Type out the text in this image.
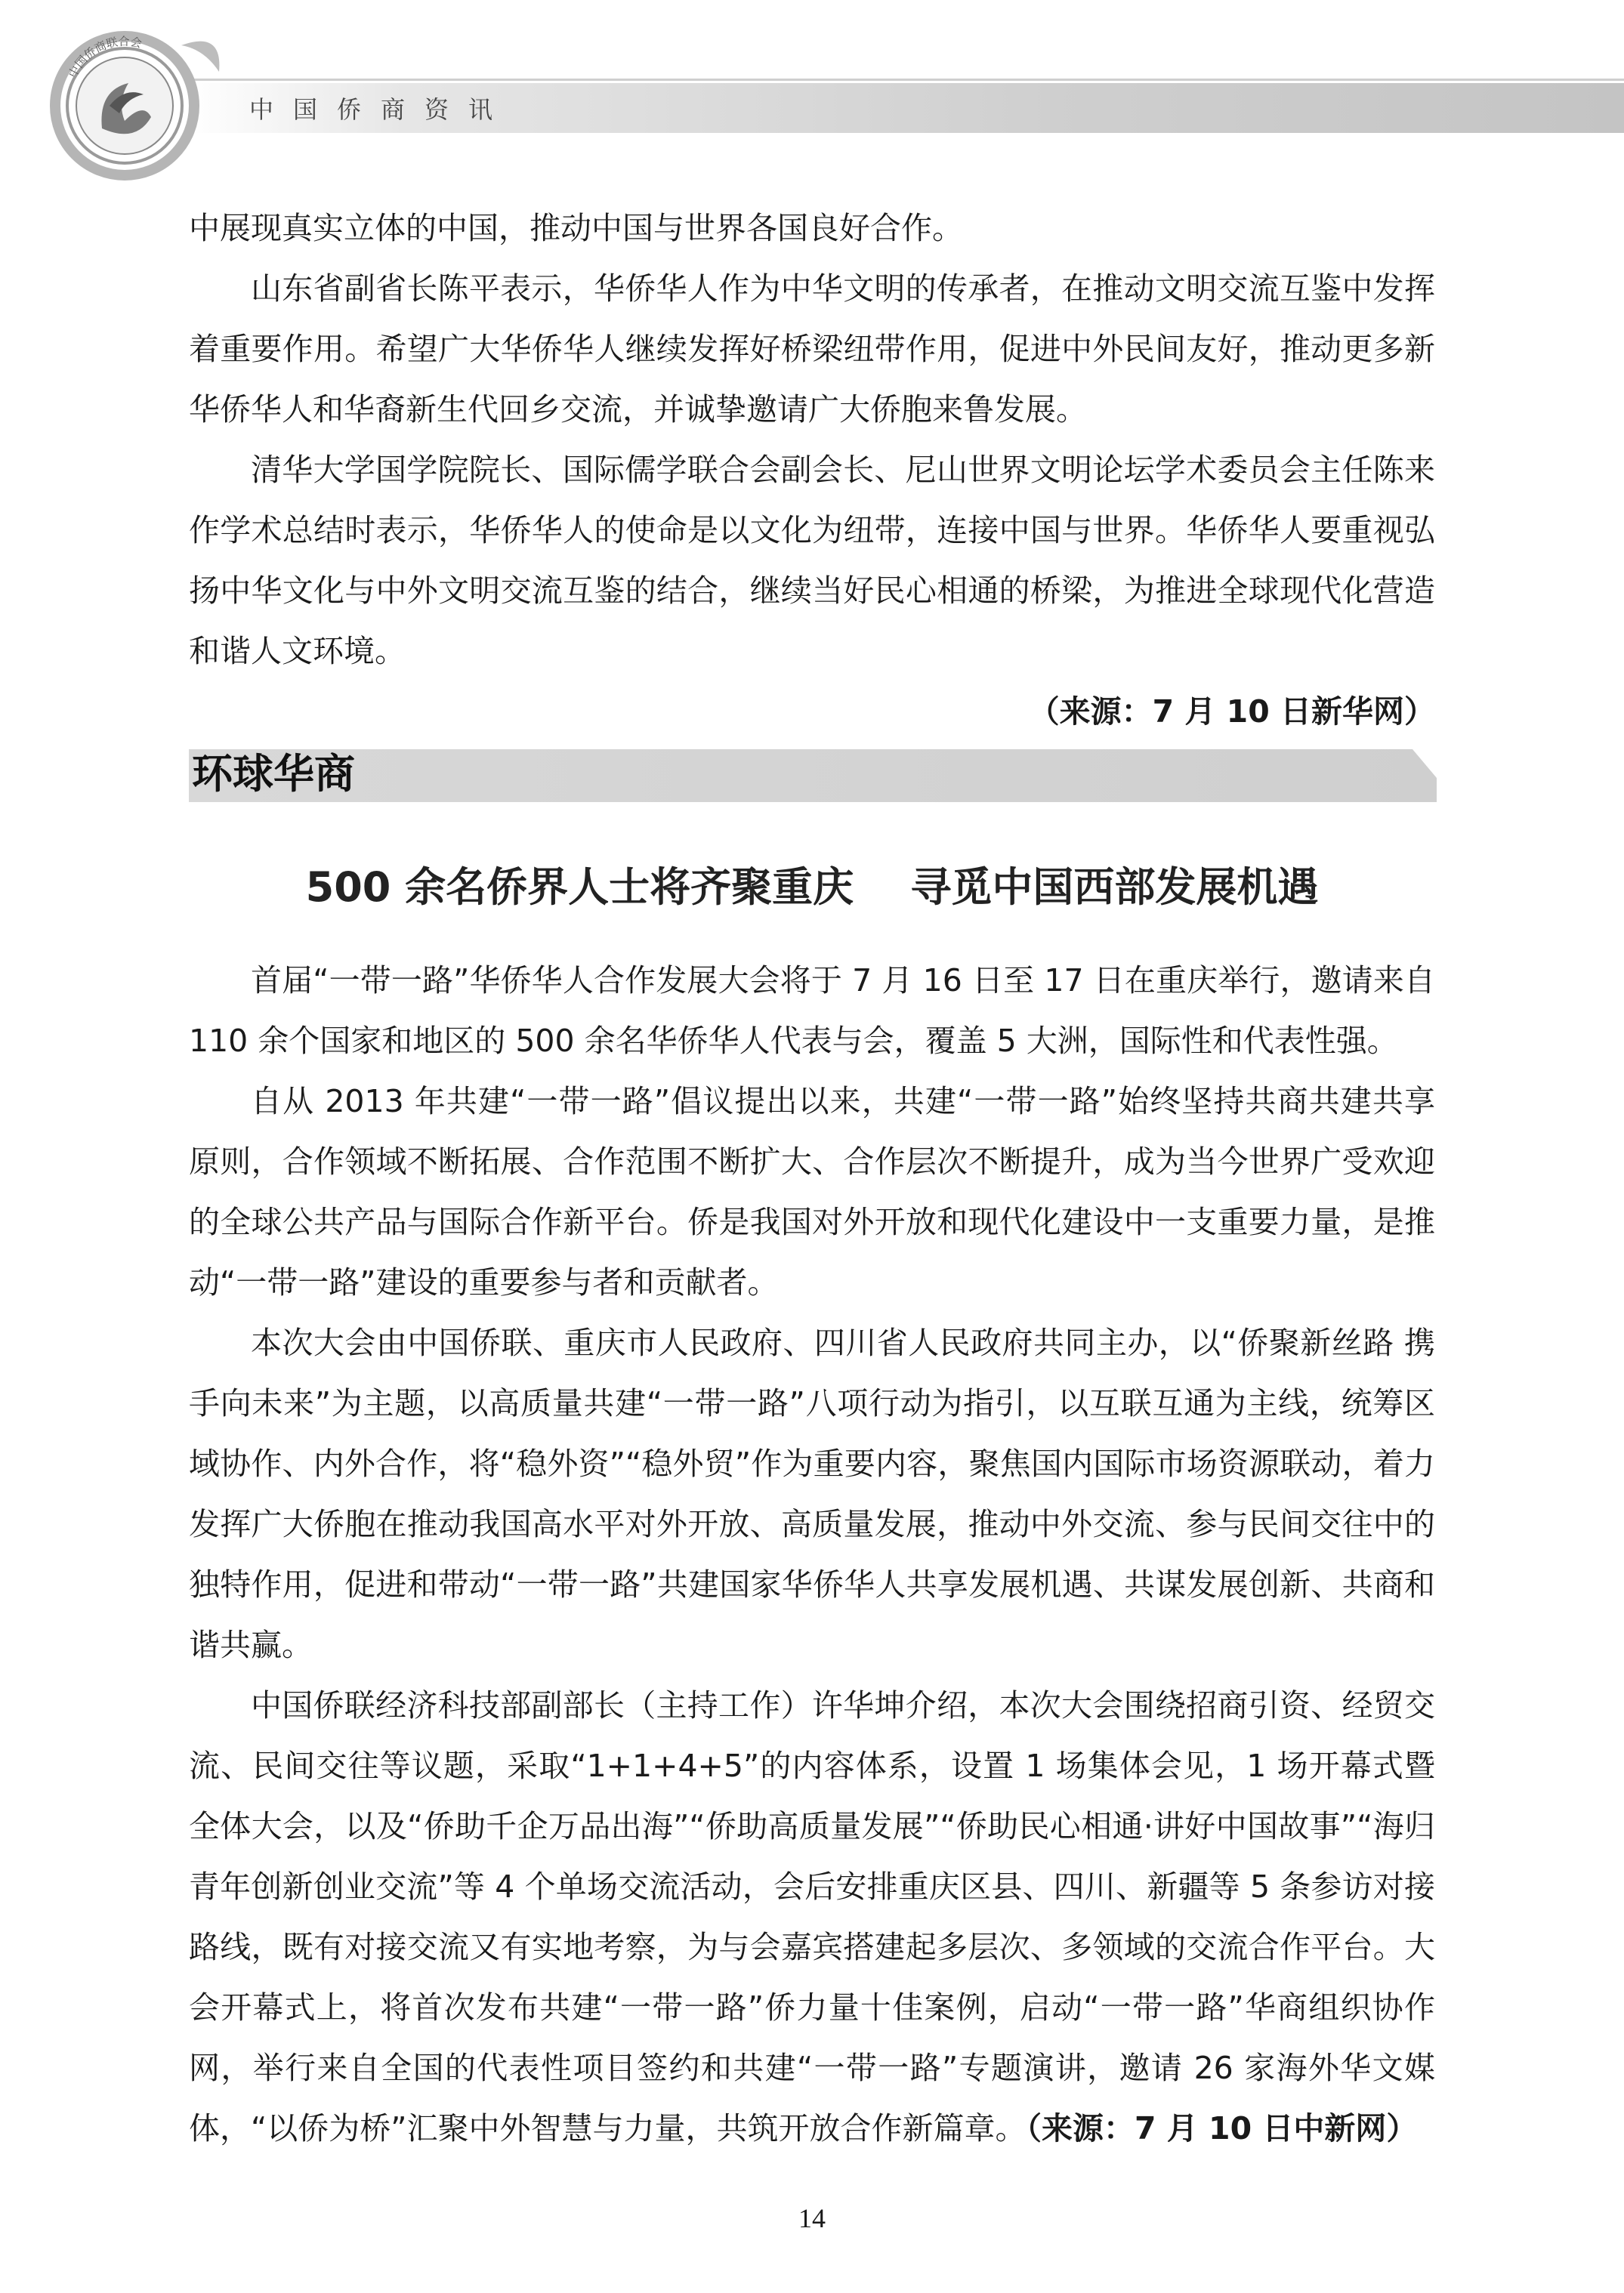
中国侨商资讯
中国侨商联合会

中展现真实立体的中国，推动中国与世界各国良好合作。

山东省副省长陈平表示，华侨华人作为中华文明的传承者，在推动文明交流互鉴中发挥着重要作用。希望广大华侨华人继续发挥好桥梁纽带作用，促进中外民间友好，推动更多新华侨华人和华裔新生代回乡交流，并诚挚邀请广大侨胞来鲁发展。

清华大学国学院院长、国际儒学联合会副会长、尼山世界文明论坛学术委员会主任陈来作学术总结时表示，华侨华人的使命是以文化为纽带，连接中国与世界。华侨华人要重视弘扬中华文化与中外文明交流互鉴的结合，继续当好民心相通的桥梁，为推进全球现代化营造和谐人文环境。

（来源：7 月 10 日新华网）

环球华商
500 余名侨界人士将齐聚重庆    寻觅中国西部发展机遇

首届“一带一路”华侨华人合作发展大会将于 7 月 16 日至 17 日在重庆举行，邀请来自 110 余个国家和地区的 500 余名华侨华人代表与会，覆盖 5 大洲，国际性和代表性强。

自从 2013 年共建“一带一路”倡议提出以来，共建“一带一路”始终坚持共商共建共享原则，合作领域不断拓展、合作范围不断扩大、合作层次不断提升，成为当今世界广受欢迎的全球公共产品与国际合作新平台。侨是我国对外开放和现代化建设中一支重要力量，是推动“一带一路”建设的重要参与者和贡献者。

本次大会由中国侨联、重庆市人民政府、四川省人民政府共同主办，以“侨聚新丝路 携手向未来”为主题，以高质量共建“一带一路”八项行动为指引，以互联互通为主线，统筹区域协作、内外合作，将“稳外资”“稳外贸”作为重要内容，聚焦国内国际市场资源联动，着力发挥广大侨胞在推动我国高水平对外开放、高质量发展，推动中外交流、参与民间交往中的独特作用，促进和带动“一带一路”共建国家华侨华人共享发展机遇、共谋发展创新、共商和谐共赢。

中国侨联经济科技部副部长（主持工作）许华坤介绍，本次大会围绕招商引资、经贸交流、民间交往等议题，采取“1+1+4+5”的内容体系，设置 1 场集体会见，1 场开幕式暨全体大会，以及“侨助千企万品出海”“侨助高质量发展”“侨助民心相通·讲好中国故事”“海归青年创新创业交流”等 4 个单场交流活动，会后安排重庆区县、四川、新疆等 5 条参访对接路线，既有对接交流又有实地考察，为与会嘉宾搭建起多层次、多领域的交流合作平台。大会开幕式上，将首次发布共建“一带一路”侨力量十佳案例，启动“一带一路”华商组织协作网，举行来自全国的代表性项目签约和共建“一带一路”专题演讲，邀请 26 家海外华文媒体，“以侨为桥”汇聚中外智慧与力量，共筑开放合作新篇章。（来源：7 月 10 日中新网）

14
